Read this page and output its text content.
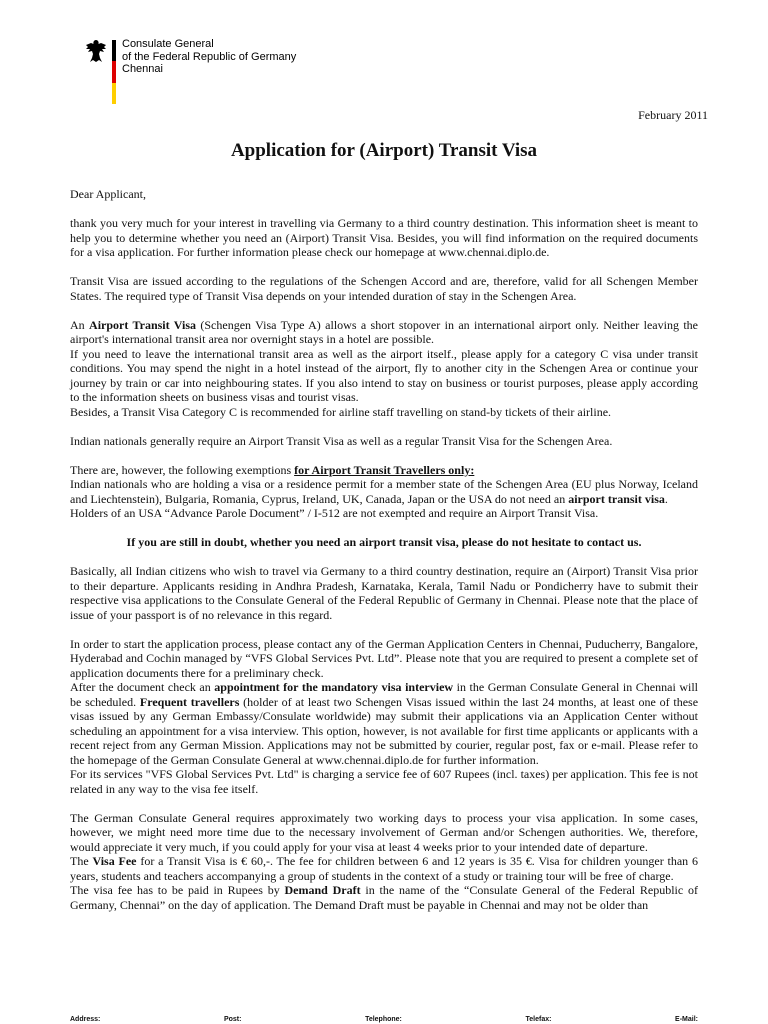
Consulate General
of the Federal Republic of Germany
Chennai
February 2011
Application for (Airport) Transit Visa

Dear Applicant,

thank you very much for your interest in travelling via Germany to a third country destination. This information sheet is meant to help you to determine whether you need an (Airport) Transit Visa. Besides, you will find information on the required documents for a visa application. For further information please check our homepage at www.chennai.diplo.de.

Transit Visa are issued according to the regulations of the Schengen Accord and are, therefore, valid for all Schengen Member States. The required type of Transit Visa depends on your intended duration of stay in the Schengen Area.

An Airport Transit Visa (Schengen Visa Type A) allows a short stopover in an international airport only. Neither leaving the airport's international transit area nor overnight stays in a hotel are possible.

If you need to leave the international transit area as well as the airport itself., please apply for a category C visa under transit conditions. You may spend the night in a hotel instead of the airport, fly to another city in the Schengen Area or continue your journey by train or car into neighbouring states. If you also intend to stay on business or tourist purposes, please apply according to the information sheets on business visas and tourist visas.

Besides, a Transit Visa Category C is recommended for airline staff travelling on stand-by tickets of their airline.

Indian nationals generally require an Airport Transit Visa as well as a regular Transit Visa for the Schengen Area.

There are, however, the following exemptions for Airport Transit Travellers only:

Indian nationals who are holding a visa or a residence permit for a member state of the Schengen Area (EU plus Norway, Iceland and Liechtenstein), Bulgaria, Romania, Cyprus, Ireland, UK, Canada, Japan or the USA do not need an airport transit visa.

Holders of an USA “Advance Parole Document” / I-512 are not exempted and require an Airport Transit Visa.

If you are still in doubt, whether you need an airport transit visa, please do not hesitate to contact us.

Basically, all Indian citizens who wish to travel via Germany to a third country destination, require an (Airport) Transit Visa prior to their departure. Applicants residing in Andhra Pradesh, Karnataka, Kerala, Tamil Nadu or Pondicherry have to submit their respective visa applications to the Consulate General of the Federal Republic of Germany in Chennai. Please note that the place of issue of your passport is of no relevance in this regard.

In order to start the application process, please contact any of the German Application Centers in Chennai, Puducherry, Bangalore, Hyderabad and Cochin managed by “VFS Global Services Pvt. Ltd”. Please note that you are required to present a complete set of application documents there for a preliminary check.

After the document check an appointment for the mandatory visa interview in the German Consulate General in Chennai will be scheduled. Frequent travellers (holder of at least two Schengen Visas issued within the last 24 months, at least one of these visas issued by any German Embassy/Consulate worldwide) may submit their applications via an Application Center without scheduling an appointment for a visa interview. This option, however, is not available for first time applicants or applicants with a recent reject from any German Mission. Applications may not be submitted by courier, regular post, fax or e-mail. Please refer to the homepage of the German Consulate General at www.chennai.diplo.de for further information.

For its services "VFS Global Services Pvt. Ltd" is charging a service fee of 607 Rupees (incl. taxes) per application. This fee is not related in any way to the visa fee itself.

The German Consulate General requires approximately two working days to process your visa application. In some cases, however, we might need more time due to the necessary involvement of German and/or Schengen authorities. We, therefore, would appreciate it very much, if you could apply for your visa at least 4 weeks prior to your intended date of departure.

The Visa Fee for a Transit Visa is € 60,-. The fee for children between 6 and 12 years is 35 €. Visa for children younger than 6 years, students and teachers accompanying a group of students in the context of a study or training tour will be free of charge.

The visa fee has to be paid in Rupees by Demand Draft in the name of the “Consulate General of the Federal Republic of Germany, Chennai” on the day of application. The Demand Draft must be payable in Chennai and may not be older than

Address:	Post:	Telephone:	Telefax:	E-Mail:
